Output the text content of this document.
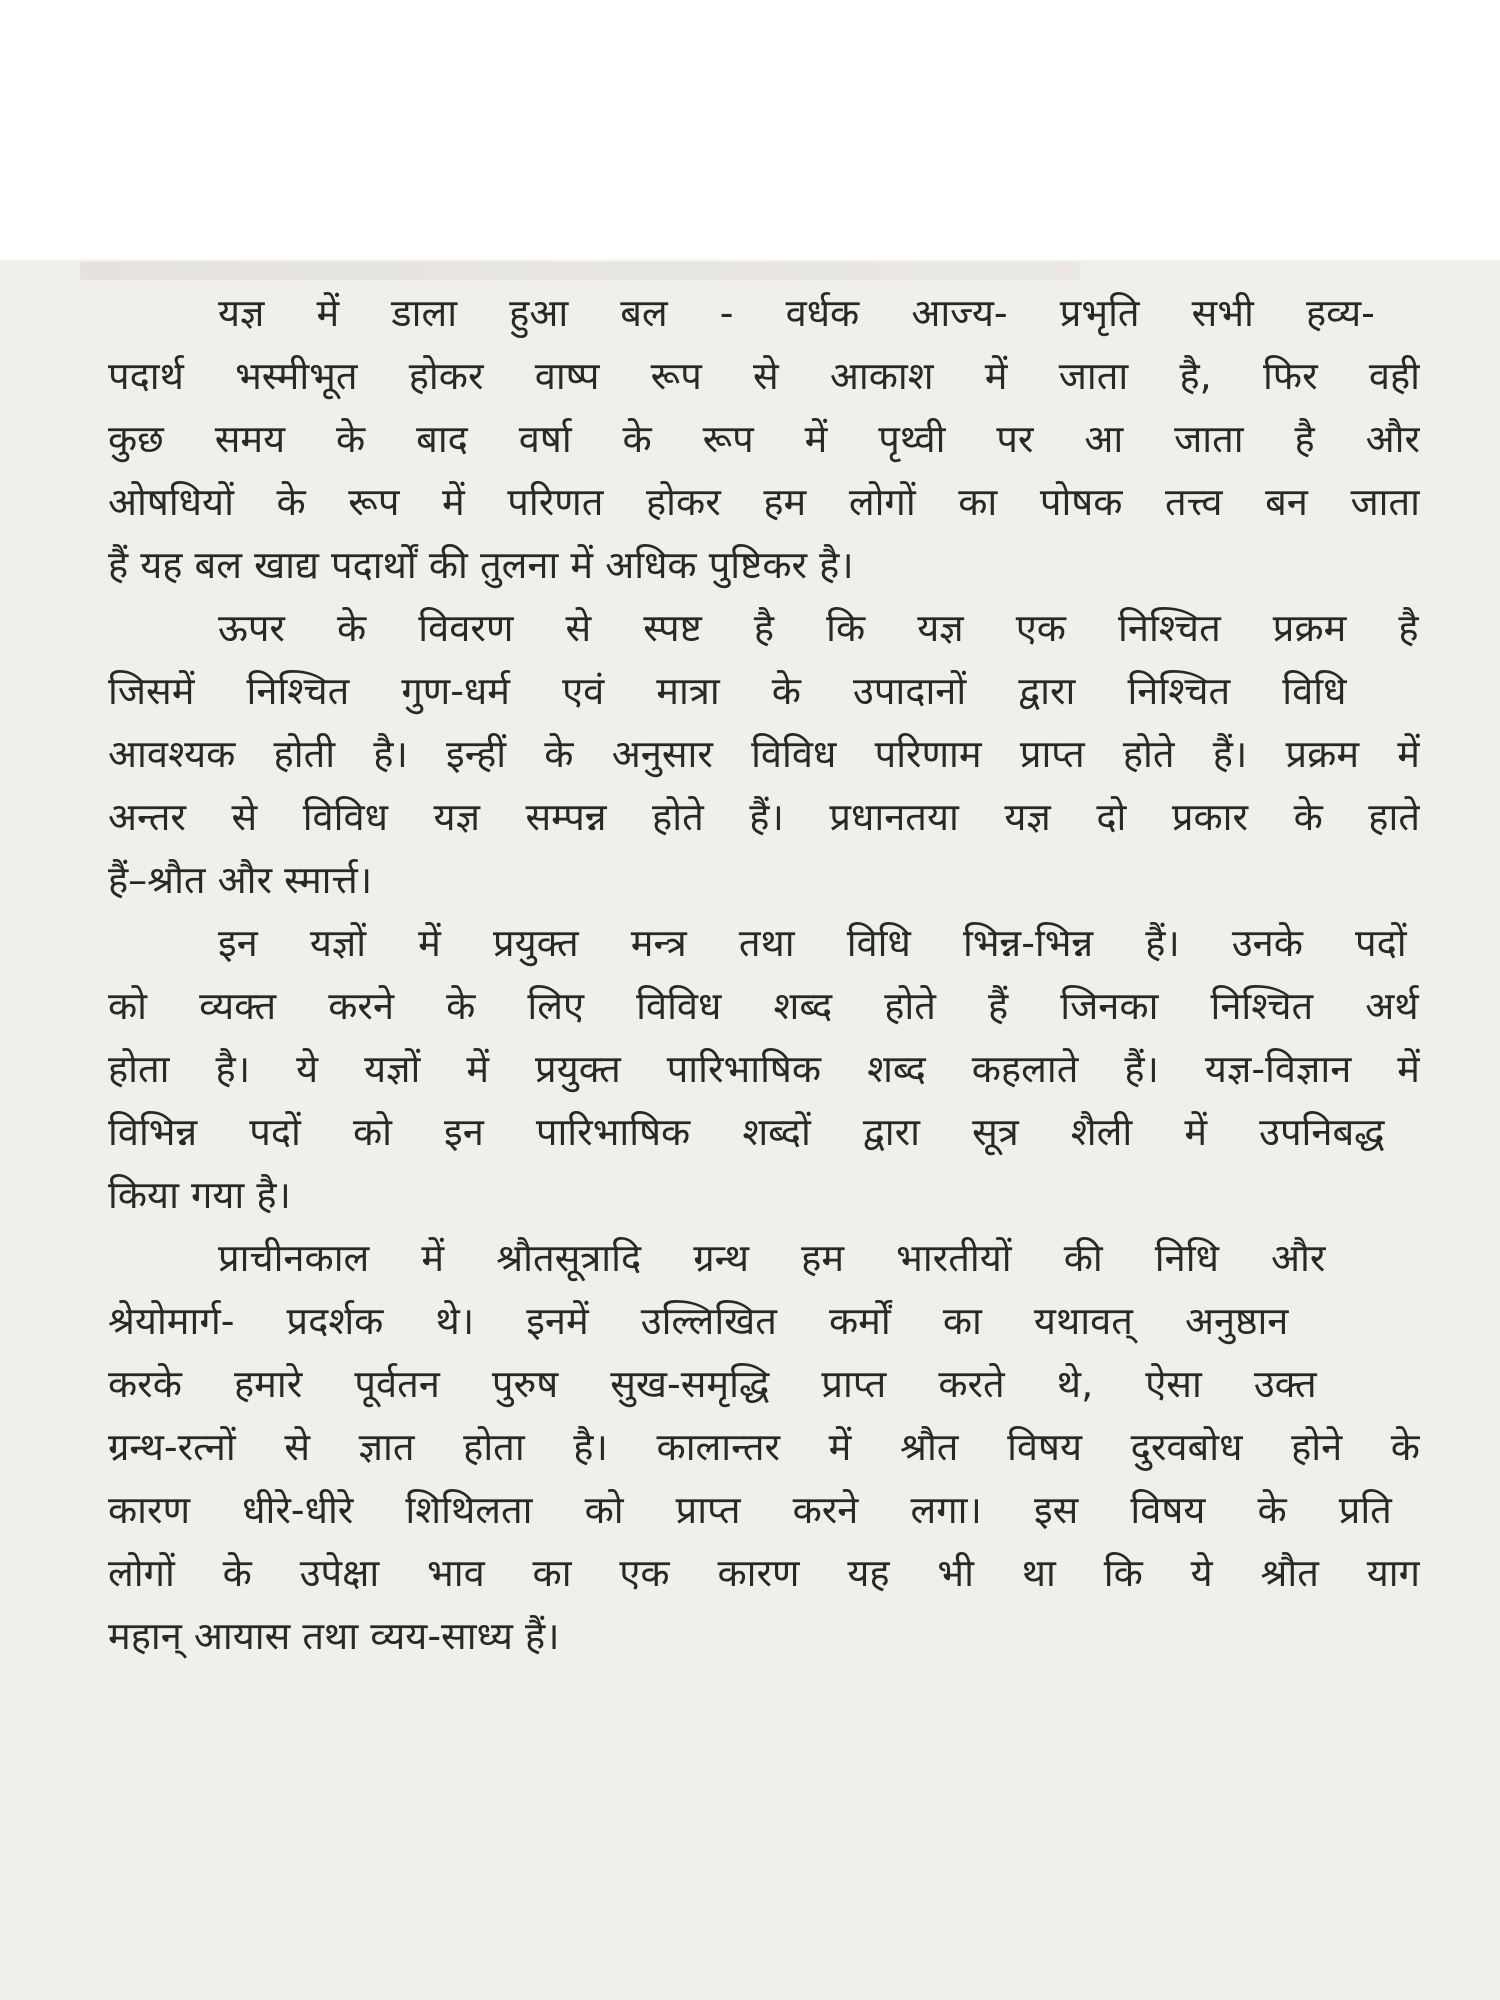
यज्ञ में डाला हुआ बल - वर्धक आज्य- प्रभृति सभी हव्य-
पदार्थ भस्मीभूत होकर वाष्प रूप से आकाश में जाता है, फिर वही
कुछ समय के बाद वर्षा के रूप में पृथ्वी पर आ जाता है और
ओषधियों के रूप में परिणत होकर हम लोगों का पोषक तत्त्व बन जाता
हैं यह बल खाद्य पदार्थों की तुलना में अधिक पुष्टिकर है।
ऊपर के विवरण से स्पष्ट है कि यज्ञ एक निश्चित प्रक्रम है
जिसमें निश्चित गुण-धर्म एवं मात्रा के उपादानों द्वारा निश्चित विधि
आवश्यक होती है। इन्हीं के अनुसार विविध परिणाम प्राप्त होते हैं। प्रक्रम में
अन्तर से विविध यज्ञ सम्पन्न होते हैं। प्रधानतया यज्ञ दो प्रकार के हाते
हैं–श्रौत और स्मार्त्त।
इन यज्ञों में प्रयुक्त मन्त्र तथा विधि भिन्न-भिन्न हैं। उनके पदों
को व्यक्त करने के लिए विविध शब्द होते हैं जिनका निश्चित अर्थ
होता है। ये यज्ञों में प्रयुक्त पारिभाषिक शब्द कहलाते हैं। यज्ञ-विज्ञान में
विभिन्न पदों को इन पारिभाषिक शब्दों द्वारा सूत्र शैली में उपनिबद्ध
किया गया है।
प्राचीनकाल में श्रौतसूत्रादि ग्रन्थ हम भारतीयों की निधि और
श्रेयोमार्ग- प्रदर्शक थे। इनमें उल्लिखित कर्मों का यथावत् अनुष्ठान
करके हमारे पूर्वतन पुरुष सुख-समृद्धि प्राप्त करते थे, ऐसा उक्त
ग्रन्थ-रत्नों से ज्ञात होता है। कालान्तर में श्रौत विषय दुरवबोध होने के
कारण धीरे-धीरे शिथिलता को प्राप्त करने लगा। इस विषय के प्रति
लोगों के उपेक्षा भाव का एक कारण यह भी था कि ये श्रौत याग
महान् आयास तथा व्यय-साध्य हैं।
